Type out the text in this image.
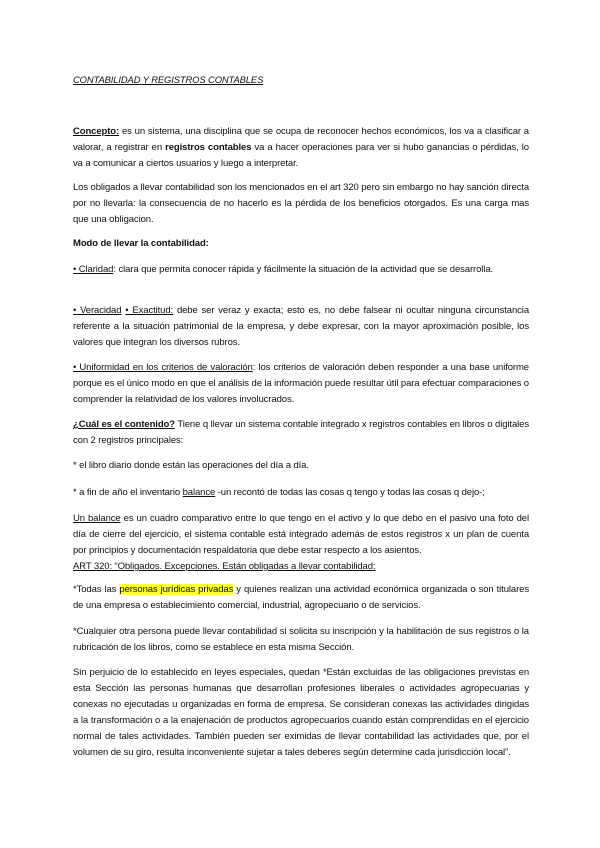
CONTABILIDAD Y REGISTROS CONTABLES
Concepto: es un sistema, una disciplina que se ocupa de reconocer hechos económicos, los va a clasificar a valorar, a registrar en registros contables va a hacer operaciones para ver si hubo ganancias o pérdidas, lo va a comunicar a ciertos usuarios y luego a interpretar.
Los obligados a llevar contabilidad son los mencionados en el art 320 pero sin embargo no hay sanción directa por no llevarla: la consecuencia de no hacerlo es la pérdida de los beneficios otorgados. Es una carga mas que una obligacion.
Modo de llevar la contabilidad:
• Claridad: clara que permita conocer rápida y fácilmente la situación de la actividad que se desarrolla.
• Veracidad • Exactitud: debe ser veraz y exacta; esto es, no debe falsear ni ocultar ninguna circunstancia referente a la situación patrimonial de la empresa, y debe expresar, con la mayor aproximación posible, los valores que integran los diversos rubros.
• Uniformidad en los criterios de valoración: los criterios de valoración deben responder a una base uniforme porque es el único modo en que el análisis de la información puede resultar útil para efectuar comparaciones o comprender la relatividad de los valores involucrados.
¿Cuál es el contenido? Tiene q llevar un sistema contable integrado x registros contables en libros o digitales con 2 registros principales:
* el libro diario donde están las operaciones del día a día.
* a fin de año el inventario balance -un recontó de todas las cosas q tengo y todas las cosas q dejo-;
Un balance es un cuadro comparativo entre lo que tengo en el activo y lo que debo en el pasivo una foto del día de cierre del ejercicio, el sistema contable está integrado además de estos registros x un plan de cuenta por principios y documentación respaldatoria que debe estar respecto a los asientos.
ART 320: “Obligados. Excepciones. Están obligadas a llevar contabilidad:
*Todas las personas jurídicas privadas y quienes realizan una actividad económica organizada o son titulares de una empresa o establecimiento comercial, industrial, agropecuario o de servicios.
*Cualquier otra persona puede llevar contabilidad si solicita su inscripción y la habilitación de sus registros o la rubricación de los libros, como se establece en esta misma Sección.
Sin perjuicio de lo establecido en leyes especiales, quedan *Están excluidas de las obligaciones previstas en esta Sección las personas humanas que desarrollan profesiones liberales o actividades agropecuarias y conexas no ejecutadas u organizadas en forma de empresa. Se consideran conexas las actividades dirigidas a la transformación o a la enajenación de productos agropecuarios cuando están comprendidas en el ejercicio normal de tales actividades. También pueden ser eximidas de llevar contabilidad las actividades que, por el volumen de su giro, resulta inconveniente sujetar a tales deberes según determine cada jurisdicción local”.
